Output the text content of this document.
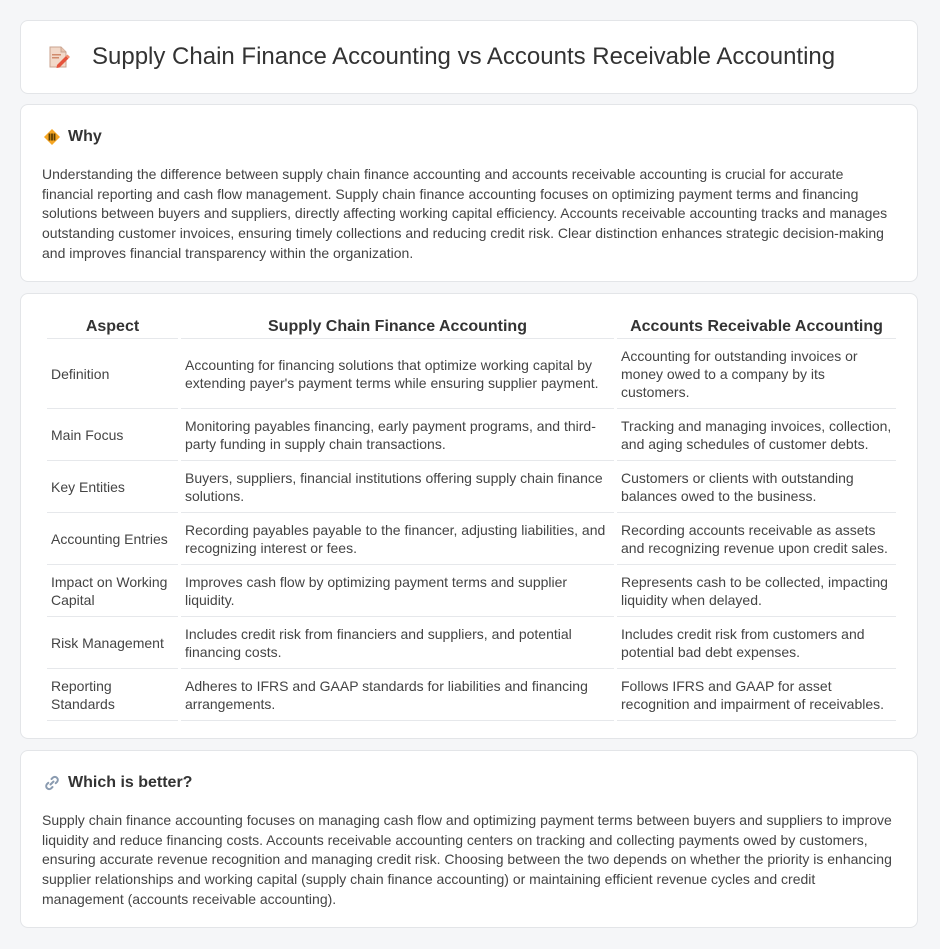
Supply Chain Finance Accounting vs Accounts Receivable Accounting
Why

Understanding the difference between supply chain finance accounting and accounts receivable accounting is crucial for accurate financial reporting and cash flow management. Supply chain finance accounting focuses on optimizing payment terms and financing solutions between buyers and suppliers, directly affecting working capital efficiency. Accounts receivable accounting tracks and manages outstanding customer invoices, ensuring timely collections and reducing credit risk. Clear distinction enhances strategic decision-making and improves financial transparency within the organization.

Aspect	Supply Chain Finance Accounting	Accounts Receivable Accounting
Definition	Accounting for financing solutions that optimize working capital by extending payer's payment terms while ensuring supplier payment.	Accounting for outstanding invoices or money owed to a company by its customers.
Main Focus	Monitoring payables financing, early payment programs, and third-party funding in supply chain transactions.	Tracking and managing invoices, collection, and aging schedules of customer debts.
Key Entities	Buyers, suppliers, financial institutions offering supply chain finance solutions.	Customers or clients with outstanding balances owed to the business.
Accounting Entries	Recording payables payable to the financer, adjusting liabilities, and recognizing interest or fees.	Recording accounts receivable as assets and recognizing revenue upon credit sales.
Impact on Working Capital	Improves cash flow by optimizing payment terms and supplier liquidity.	Represents cash to be collected, impacting liquidity when delayed.
Risk Management	Includes credit risk from financiers and suppliers, and potential financing costs.	Includes credit risk from customers and potential bad debt expenses.
Reporting Standards	Adheres to IFRS and GAAP standards for liabilities and financing arrangements.	Follows IFRS and GAAP for asset recognition and impairment of receivables.
Which is better?

Supply chain finance accounting focuses on managing cash flow and optimizing payment terms between buyers and suppliers to improve liquidity and reduce financing costs. Accounts receivable accounting centers on tracking and collecting payments owed by customers, ensuring accurate revenue recognition and managing credit risk. Choosing between the two depends on whether the priority is enhancing supplier relationships and working capital (supply chain finance accounting) or maintaining efficient revenue cycles and credit management (accounts receivable accounting).
